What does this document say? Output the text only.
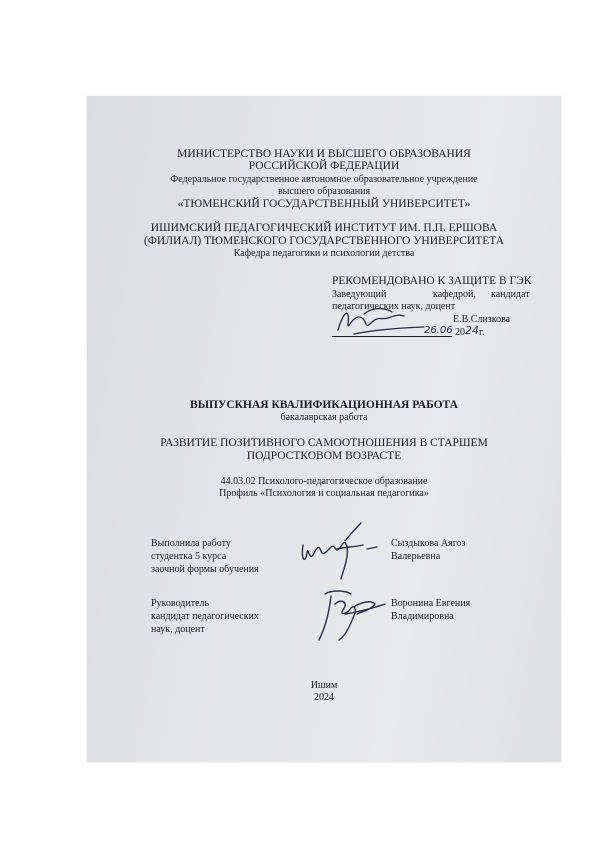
МИНИСТЕРСТВО НАУКИ И ВЫСШЕГО ОБРАЗОВАНИЯ
РОССИЙСКОЙ ФЕДЕРАЦИИ
Федеральное государственное автономное образовательное учреждение
высшего образования
«ТЮМЕНСКИЙ ГОСУДАРСТВЕННЫЙ УНИВЕРСИТЕТ»
ИШИМСКИЙ ПЕДАГОГИЧЕСКИЙ ИНСТИТУТ ИМ. П.П. ЕРШОВА
(ФИЛИАЛ) ТЮМЕНСКОГО ГОСУДАРСТВЕННОГО УНИВЕРСИТЕТА
Кафедра педагогики и психологии детства
РЕКОМЕНДОВАНО К ЗАЩИТЕ В ГЭК
Заведующий	кафедрой, кандидат
педагогических наук, доцент
Е.В.Слизкова
26.06 20 24 г.
ВЫПУСКНАЯ КВАЛИФИКАЦИОННАЯ РАБОТА
бакалаврская работа
РАЗВИТИЕ ПОЗИТИВНОГО САМООТНОШЕНИЯ В СТАРШЕМ
ПОДРОСТКОВОМ ВОЗРАСТЕ
44.03.02 Психолого-педагогическое образование
Профиль «Психология и социальная педагогика»
Выполнила работу
студентка 5 курса
заочной формы обучения
Сыздыкова Аягоз
Валерьевна
Руководитель
кандидат педагогических
наук, доцент
Воронина Евгения
Владимировна
Ишим
2024
